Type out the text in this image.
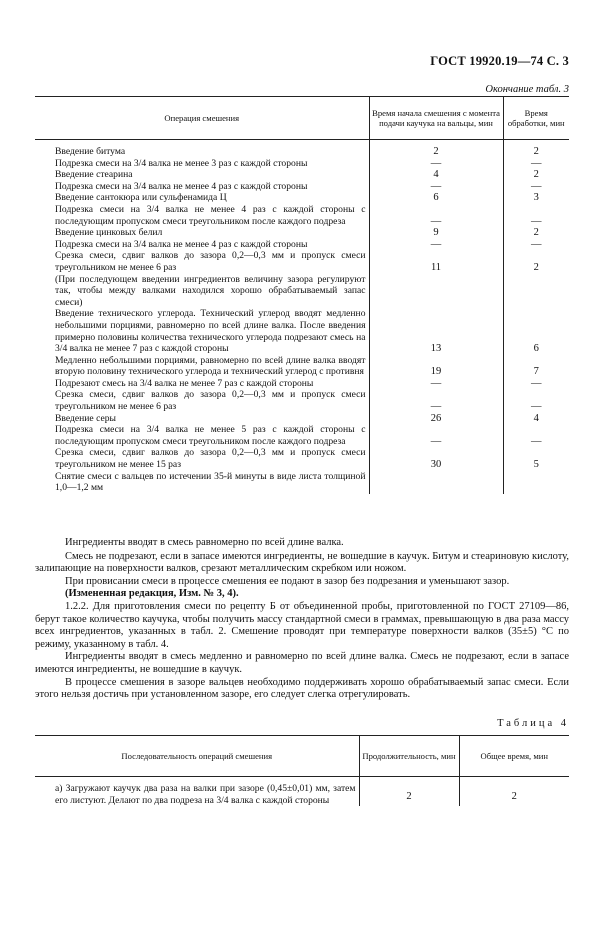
ГОСТ 19920.19—74 С. 3
Окончание табл. 3
Операция смешения	Время начала смешения с момента подачи каучука на вальцы, мин	Время обработки, мин
Введение битума	2	2
Подрезка смеси на 3/4 валка не менее 3 раз с каждой стороны	—	—
Введение стеарина	4	2
Подрезка смеси на 3/4 валка не менее 4 раз с каждой стороны	—	—
Введение сантокюра или сульфенамида Ц	6	3
Подрезка смеси на 3/4 валка не менее 4 раз с каждой стороны с последующим пропуском смеси треугольником после каждого подреза	—	—
Введение цинковых белил	9	2
Подрезка смеси на 3/4 валка не менее 4 раз с каждой стороны	—	—
Срезка смеси, сдвиг валков до зазора 0,2—0,3 мм и пропуск смеси треугольником не менее 6 раз	11	2
(При последующем введении ингредиентов величину зазора регулируют так, чтобы между валками находился хорошо обрабатываемый запас смеси)		
Введение технического углерода. Технический углерод вводят медленно небольшими порциями, равномерно по всей длине валка. После введения примерно половины количества технического углерода подрезают смесь на 3/4 валка не менее 7 раз с каждой стороны	13	6
Медленно небольшими порциями, равномерно по всей длине валка вводят вторую половину технического углерода и технический углерод с противня	19	7
Подрезают смесь на 3/4 валка не менее 7 раз с каждой стороны	—	—
Срезка смеси, сдвиг валков до зазора 0,2—0,3 мм и пропуск смеси треугольником не менее 6 раз	—	—
Введение серы	26	4
Подрезка смеси на 3/4 валка не менее 5 раз с каждой стороны с последующим пропуском смеси треугольником после каждого подреза	—	—
Срезка смеси, сдвиг валков до зазора 0,2—0,3 мм и пропуск смеси треугольником не менее 15 раз	30	5
Снятие смеси с вальцев по истечении 35-й минуты в виде листа толщиной 1,0—1,2 мм		

Ингредиенты вводят в смесь равномерно по всей длине валка.

Смесь не подрезают, если в запасе имеются ингредиенты, не вошедшие в каучук. Битум и стеариновую кислоту, залипающие на поверхности валков, срезают металлическим скребком или ножом.

При провисании смеси в процессе смешения ее подают в зазор без подрезания и уменьшают зазор.

(Измененная редакция, Изм. № 3, 4).

1.2.2. Для приготовления смеси по рецепту Б от объединенной пробы, приготовленной по ГОСТ 27109—86, берут такое количество каучука, чтобы получить массу стандартной смеси в граммах, превышающую в два раза массу всех ингредиентов, указанных в табл. 2. Смешение проводят при температуре поверхности валков (35±5) °С по режиму, указанному в табл. 4.

Ингредиенты вводят в смесь медленно и равномерно по всей длине валка. Смесь не подрезают, если в запасе имеются ингредиенты, не вошедшие в каучук.

В процессе смешения в зазоре вальцев необходимо поддерживать хорошо обрабатываемый запас смеси. Если этого нельзя достичь при установленном зазоре, его следует слегка отрегулировать.

Таблица 4
Последовательность операций смешения	Продолжительность, мин	Общее время, мин
а) Загружают каучук два раза на валки при зазоре (0,45±0,01) мм, затем его листуют. Делают по два подреза на 3/4 валка с каждой стороны	2	2
